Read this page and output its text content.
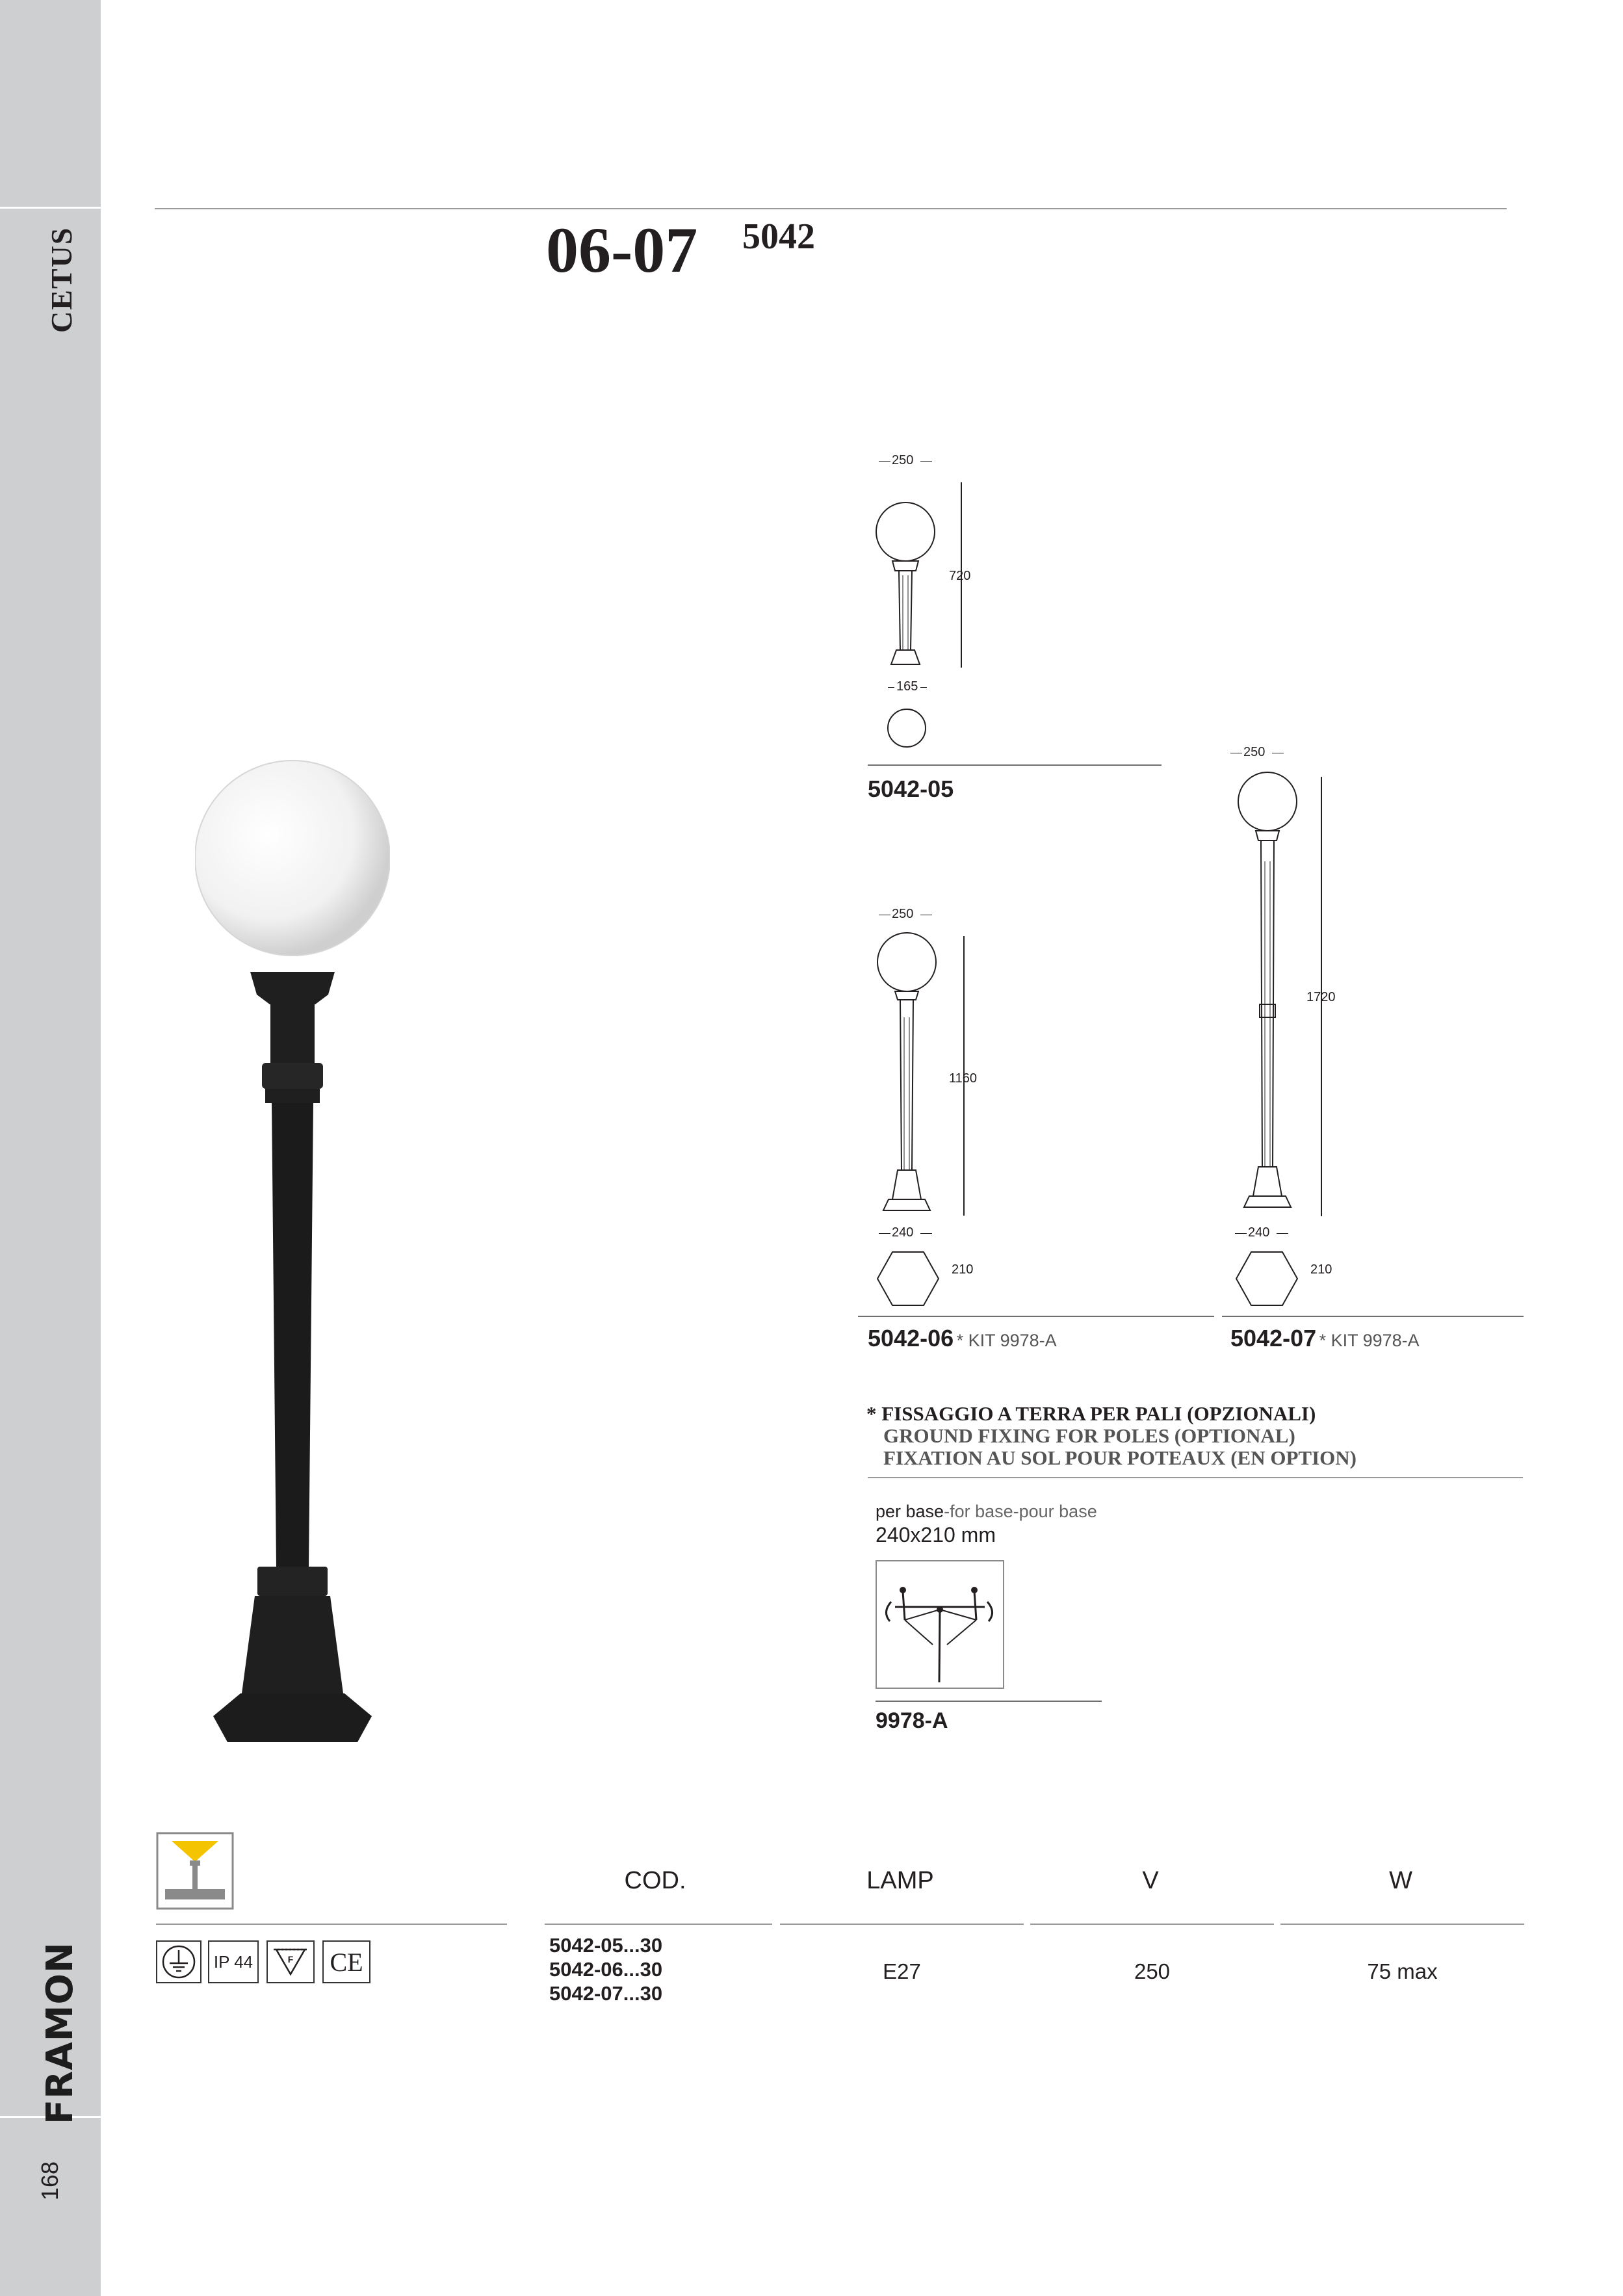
CETUS
FRAMON
168
06-07 5042
250
720
165
5042-05
250
1160
240
210
5042-06 * KIT 9978-A
250
1720
240
210
5042-07 * KIT 9978-A
* FISSAGGIO A TERRA PER PALI (OPZIONALI)
GROUND FIXING FOR POLES (OPTIONAL)
FIXATION AU SOL POUR POTEAUX (EN OPTION)
per base-for base-pour base
240x210 mm
9978-A
IP 44	F CE
COD.	LAMP	V	W
5042-05...30
5042-06...30
5042-07...30
E27	250	75 max
